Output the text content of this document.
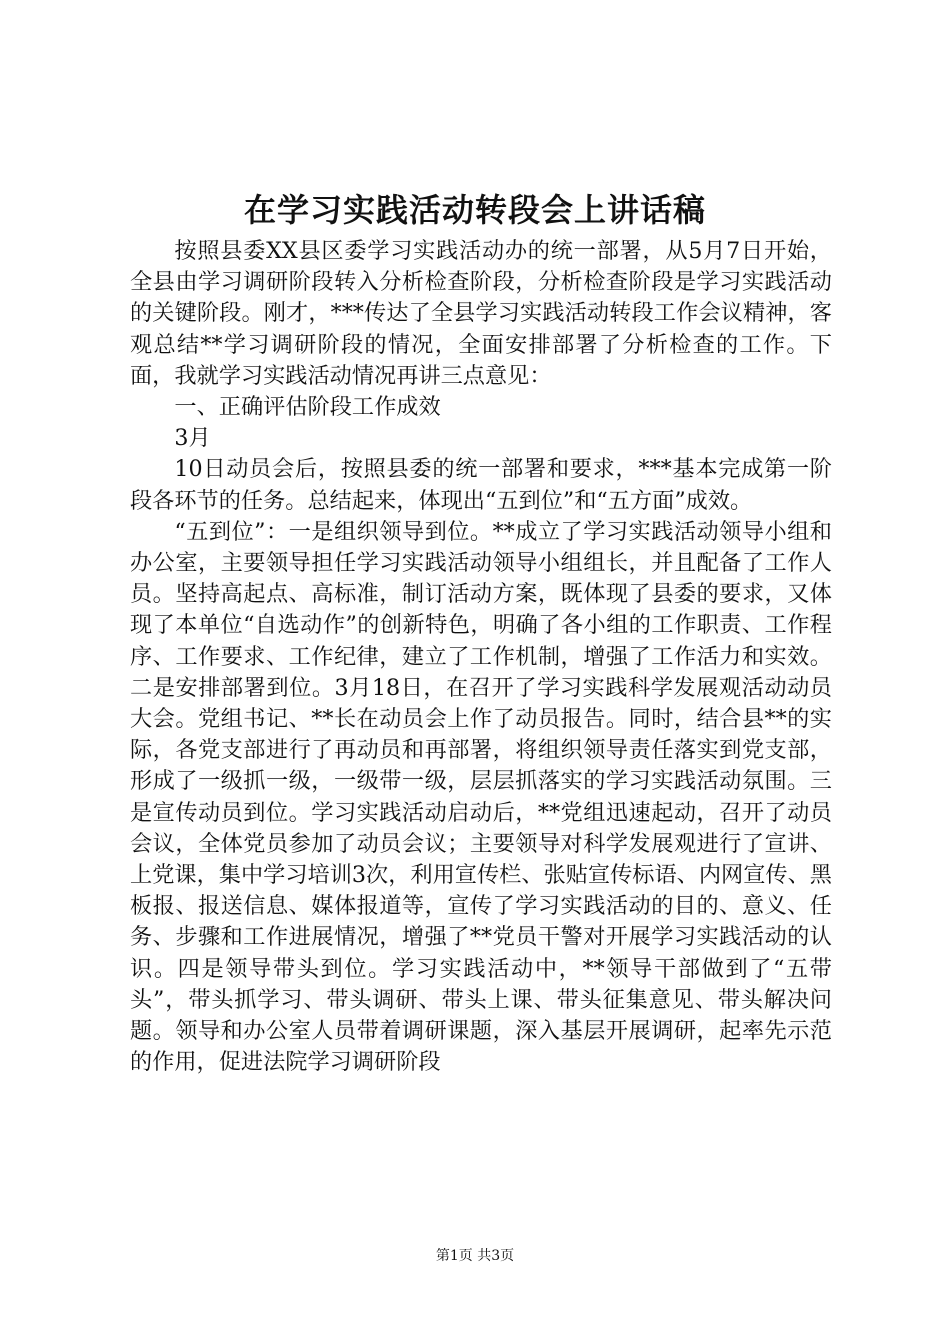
在学习实践活动转段会上讲话稿

按照县委XX县区委学习实践活动办的统一部署，从5月7日开始，全县由学习调研阶段转入分析检查阶段，分析检查阶段是学习实践活动的关键阶段。刚才，***传达了全县学习实践活动转段工作会议精神，客观总结**学习调研阶段的情况，全面安排部署了分析检查的工作。下面，我就学习实践活动情况再讲三点意见：

一、正确评估阶段工作成效

3月

10日动员会后，按照县委的统一部署和要求，***基本完成第一阶段各环节的任务。总结起来，体现出“五到位”和“五方面”成效。

“五到位”：一是组织领导到位。**成立了学习实践活动领导小组和办公室，主要领导担任学习实践活动领导小组组长，并且配备了工作人员。坚持高起点、高标准，制订活动方案，既体现了县委的要求，又体现了本单位“自选动作”的创新特色，明确了各小组的工作职责、工作程序、工作要求、工作纪律，建立了工作机制，增强了工作活力和实效。二是安排部署到位。3月18日，在召开了学习实践科学发展观活动动员大会。党组书记、**长在动员会上作了动员报告。同时，结合县**的实际，各党支部进行了再动员和再部署，将组织领导责任落实到党支部，形成了一级抓一级，一级带一级，层层抓落实的学习实践活动氛围。三是宣传动员到位。学习实践活动启动后，**党组迅速起动，召开了动员会议，全体党员参加了动员会议；主要领导对科学发展观进行了宣讲、上党课，集中学习培训3次，利用宣传栏、张贴宣传标语、内网宣传、黑板报、报送信息、媒体报道等，宣传了学习实践活动的目的、意义、任务、步骤和工作进展情况，增强了**党员干警对开展学习实践活动的认识。四是领导带头到位。学习实践活动中，**领导干部做到了“五带头”，带头抓学习、带头调研、带头上课、带头征集意见、带头解决问题。领导和办公室人员带着调研课题，深入基层开展调研，起率先示范的作用，促进法院学习调研阶段

第1页 共3页
